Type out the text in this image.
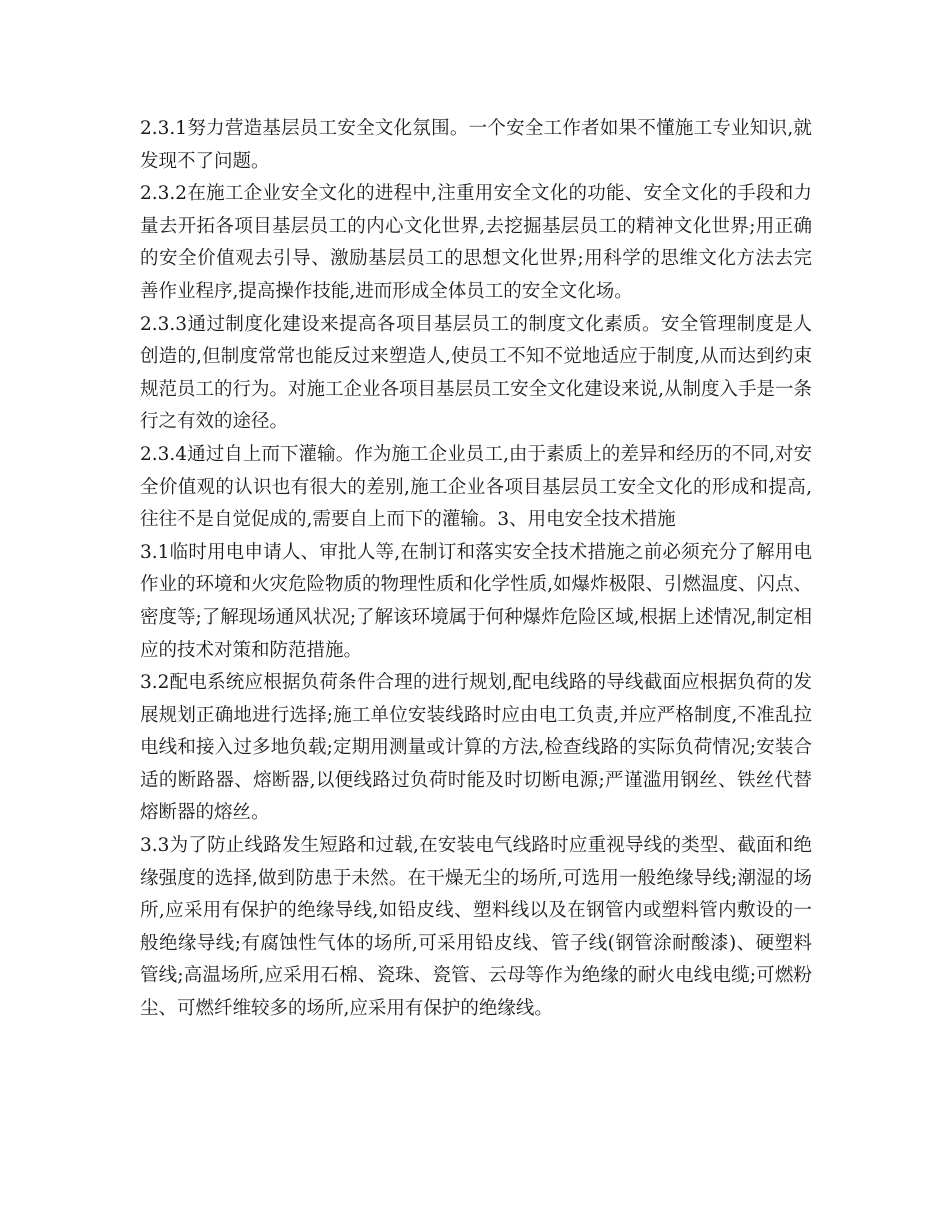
2.3.1努力营造基层员工安全文化氛围。一个安全工作者如果不懂施工专业知识,就发现不了问题。

2.3.2在施工企业安全文化的进程中,注重用安全文化的功能、安全文化的手段和力量去开拓各项目基层员工的内心文化世界,去挖掘基层员工的精神文化世界;用正确的安全价值观去引导、激励基层员工的思想文化世界;用科学的思维文化方法去完善作业程序,提高操作技能,进而形成全体员工的安全文化场。

2.3.3通过制度化建设来提高各项目基层员工的制度文化素质。安全管理制度是人创造的,但制度常常也能反过来塑造人,使员工不知不觉地适应于制度,从而达到约束规范员工的行为。对施工企业各项目基层员工安全文化建设来说,从制度入手是一条行之有效的途径。

2.3.4通过自上而下灌输。作为施工企业员工,由于素质上的差异和经历的不同,对安全价值观的认识也有很大的差别,施工企业各项目基层员工安全文化的形成和提高,往往不是自觉促成的,需要自上而下的灌输。3、用电安全技术措施

3.1临时用电申请人、审批人等,在制订和落实安全技术措施之前必须充分了解用电作业的环境和火灾危险物质的物理性质和化学性质,如爆炸极限、引燃温度、闪点、密度等;了解现场通风状况;了解该环境属于何种爆炸危险区域,根据上述情况,制定相应的技术对策和防范措施。

3.2配电系统应根据负荷条件合理的进行规划,配电线路的导线截面应根据负荷的发展规划正确地进行选择;施工单位安装线路时应由电工负责,并应严格制度,不准乱拉电线和接入过多地负载;定期用测量或计算的方法,检查线路的实际负荷情况;安装合适的断路器、熔断器,以便线路过负荷时能及时切断电源;严谨滥用钢丝、铁丝代替熔断器的熔丝。

3.3为了防止线路发生短路和过载,在安装电气线路时应重视导线的类型、截面和绝缘强度的选择,做到防患于未然。在干燥无尘的场所,可选用一般绝缘导线;潮湿的场所,应采用有保护的绝缘导线,如铅皮线、塑料线以及在钢管内或塑料管内敷设的一般绝缘导线;有腐蚀性气体的场所,可采用铅皮线、管子线(钢管涂耐酸漆)、硬塑料管线;高温场所,应采用石棉、瓷珠、瓷管、云母等作为绝缘的耐火电线电缆;可燃粉尘、可燃纤维较多的场所,应采用有保护的绝缘线。
